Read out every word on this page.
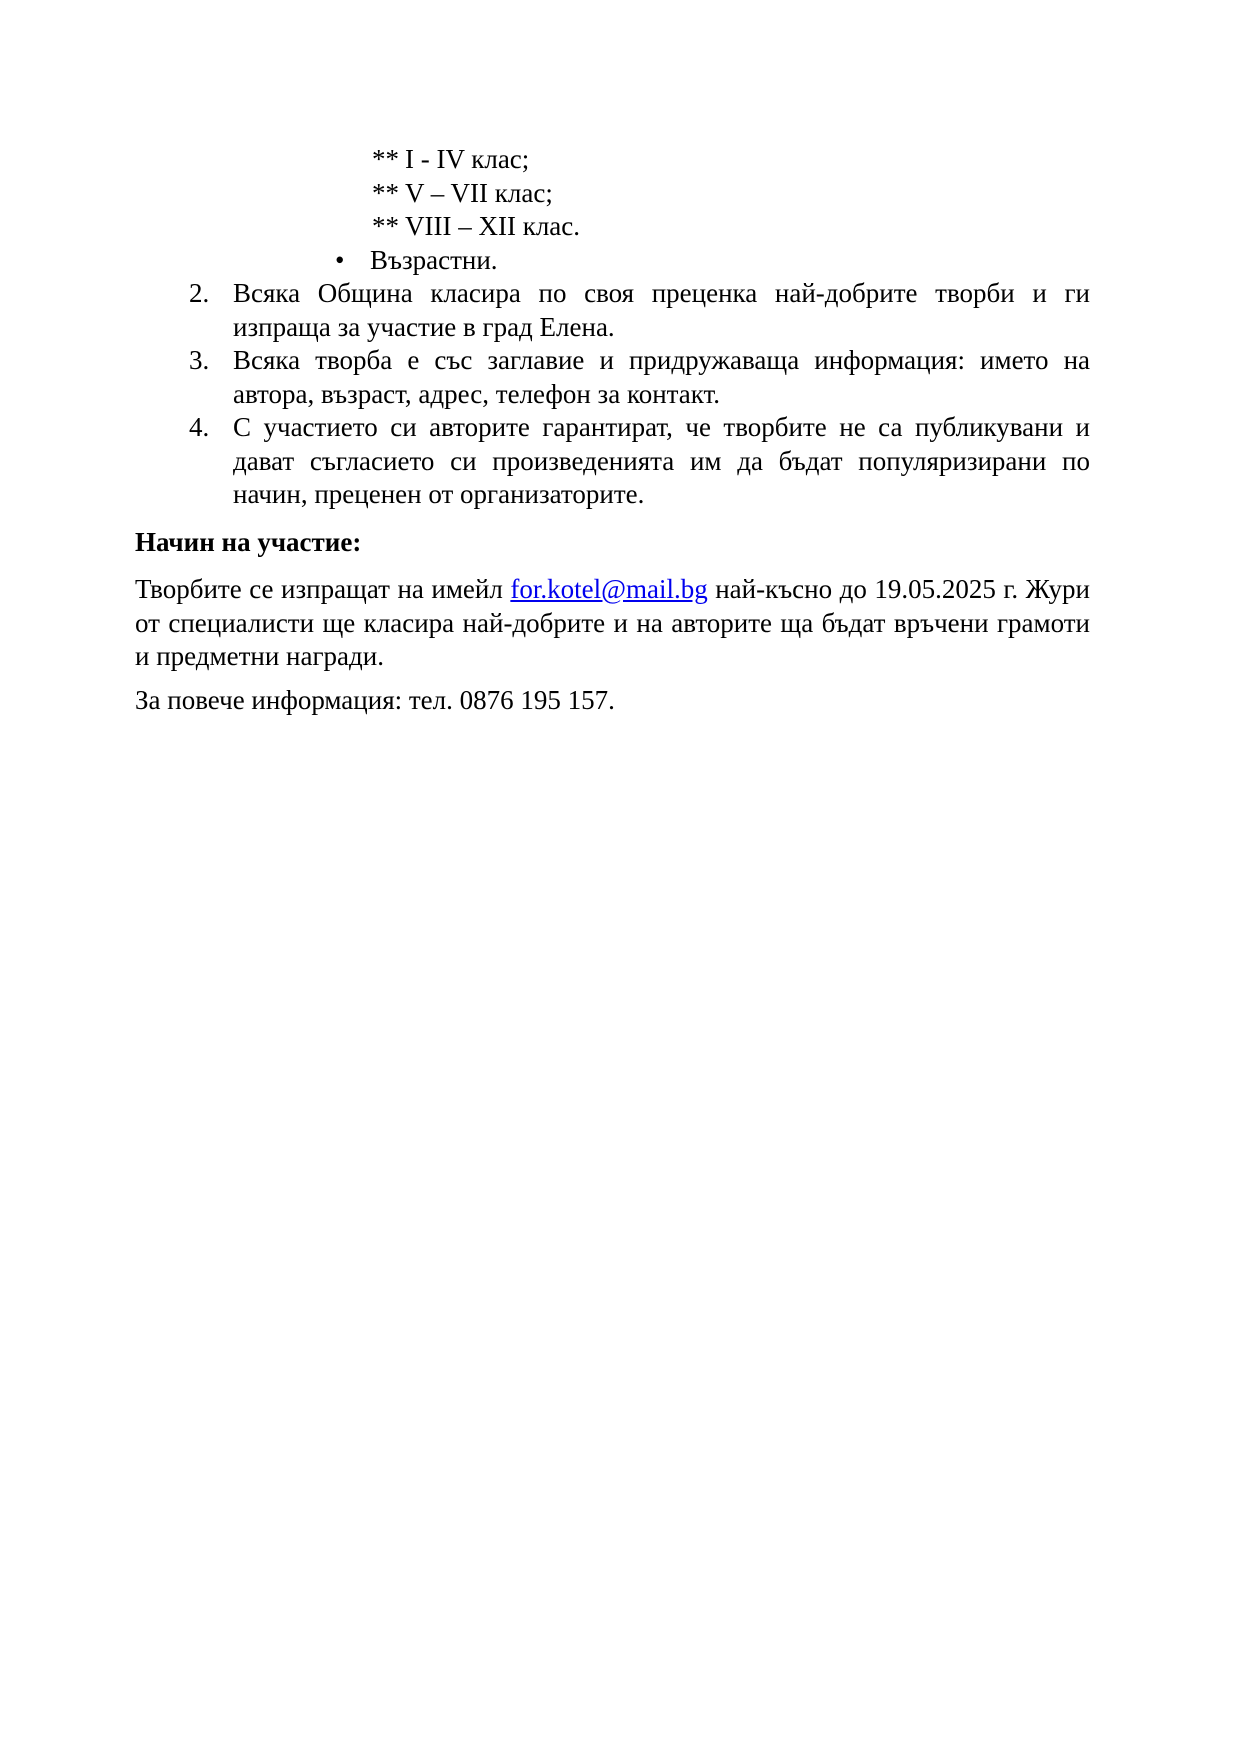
** I - IV клас;
** V – VII клас;
** VIII – XII клас.
• Възрастни.
2. Всяка Община класира по своя преценка най-добрите творби и ги изпраща за участие в град Елена.
3. Всяка творба е със заглавие и придружаваща информация: името на автора, възраст, адрес, телефон за контакт.
4. С участието си авторите гарантират, че творбите не са публикувани и дават съгласието си произведенията им да бъдат популяризирани по начин, преценен от организаторите.
Начин на участие:

Творбите се изпращат на имейл for.kotel@mail.bg най-късно до 19.05.2025 г. Жури от специалисти ще класира най-добрите и на авторите ща бъдат връчени грамоти и предметни награди.

За повече информация: тел. 0876 195 157.
